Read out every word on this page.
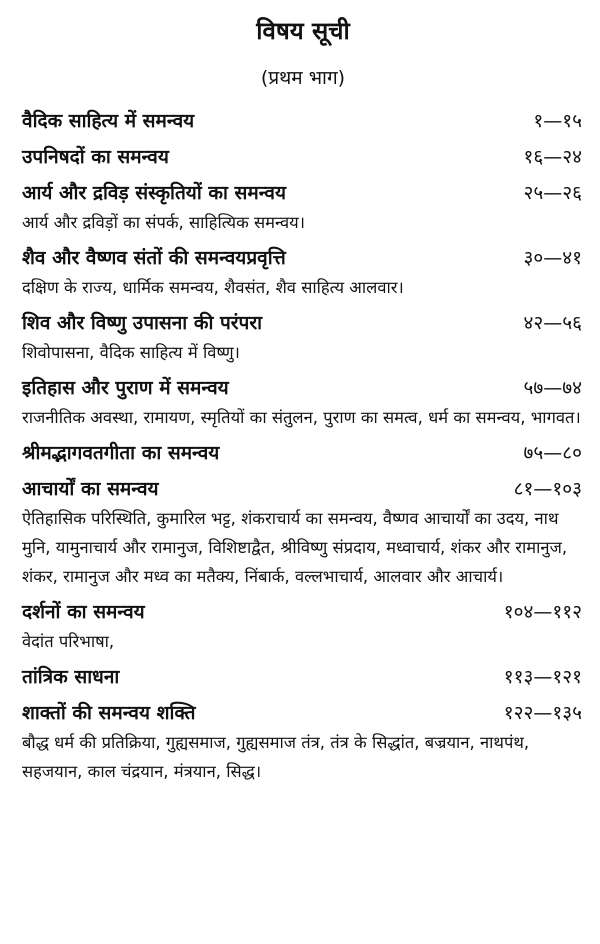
विषय सूची
(प्रथम भाग)
वैदिक साहित्य में समन्वय	१—१५
उपनिषदों का समन्वय	१६—२४
आर्य और द्रविड़ संस्कृतियों का समन्वय	२५—२६
आर्य और द्रविड़ों का संपर्क, साहित्यिक समन्वय।
शैव और वैष्णव संतों की समन्वयप्रवृत्ति	३०—४१
दक्षिण के राज्य, धार्मिक समन्वय, शैवसंत, शैव साहित्य आलवार।
शिव और विष्णु उपासना की परंपरा	४२—५६
शिवोपासना, वैदिक साहित्य में विष्णु।
इतिहास और पुराण में समन्वय	५७—७४
राजनीतिक अवस्था, रामायण, स्मृतियों का संतुलन, पुराण का समत्व, धर्म का समन्वय, भागवत।
श्रीमद्भागवतगीता का समन्वय	७५—८०
आचार्यों का समन्वय	८१—१०३
ऐतिहासिक परिस्थिति, कुमारिल भट्ट, शंकराचार्य का समन्वय, वैष्णव आचार्यों का उदय, नाथ मुनि, यामुनाचार्य और रामानुज, विशिष्टाद्वैत, श्रीविष्णु संप्रदाय, मध्वाचार्य, शंकर और रामानुज, शंकर, रामानुज और मध्व का मतैक्य, निंबार्क, वल्लभाचार्य, आलवार और आचार्य।
दर्शनों का समन्वय	१०४—११२
वेदांत परिभाषा,
तांत्रिक साधना	११३—१२१
शाक्तों की समन्वय शक्ति	१२२—१३५
बौद्ध धर्म की प्रतिक्रिया, गुह्यसमाज, गुह्यसमाज तंत्र, तंत्र के सिद्धांत, बज्रयान, नाथपंथ, सहजयान, काल चंद्रयान, मंत्रयान, सिद्ध।
